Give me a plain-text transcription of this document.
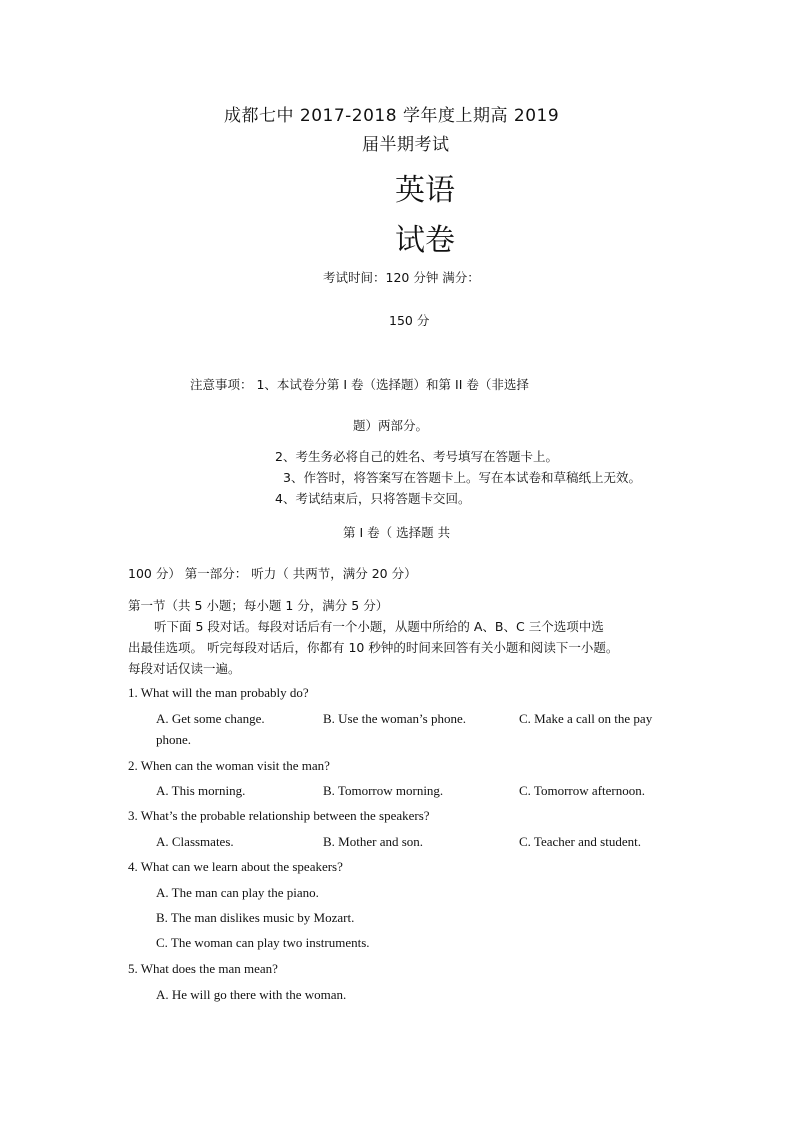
成都七中 2017-2018 学年度上期高 2019
届半期考试
英语
试卷
考试时间：120 分钟 满分：
150 分
注意事项： 1、本试卷分第 I 卷（选择题）和第 II 卷（非选择
题）两部分。
2、考生务必将自己的姓名、考号填写在答题卡上。
3、作答时，将答案写在答题卡上。写在本试卷和草稿纸上无效。
4、考试结束后，只将答题卡交回。
第 I 卷（ 选择题 共
100 分） 第一部分： 听力（ 共两节，满分 20 分）
第一节（共 5 小题；每小题 1 分，满分 5 分）
听下面 5 段对话。每段对话后有一个小题，从题中所给的 A、B、C 三个选项中选
出最佳选项。 听完每段对话后，你都有 10 秒钟的时间来回答有关小题和阅读下一小题。
每段对话仅读一遍。
1. What will the man probably do?
A. Get some change.	B. Use the woman’s phone.	C. Make a call on the pay
phone.
2. When can the woman visit the man?
A. This morning.	B. Tomorrow morning.	C. Tomorrow afternoon.
3. What’s the probable relationship between the speakers?
A. Classmates.	B. Mother and son.	C. Teacher and student.
4. What can we learn about the speakers?
A. The man can play the piano.
B. The man dislikes music by Mozart.
C. The woman can play two instruments.
5. What does the man mean?
A. He will go there with the woman.
